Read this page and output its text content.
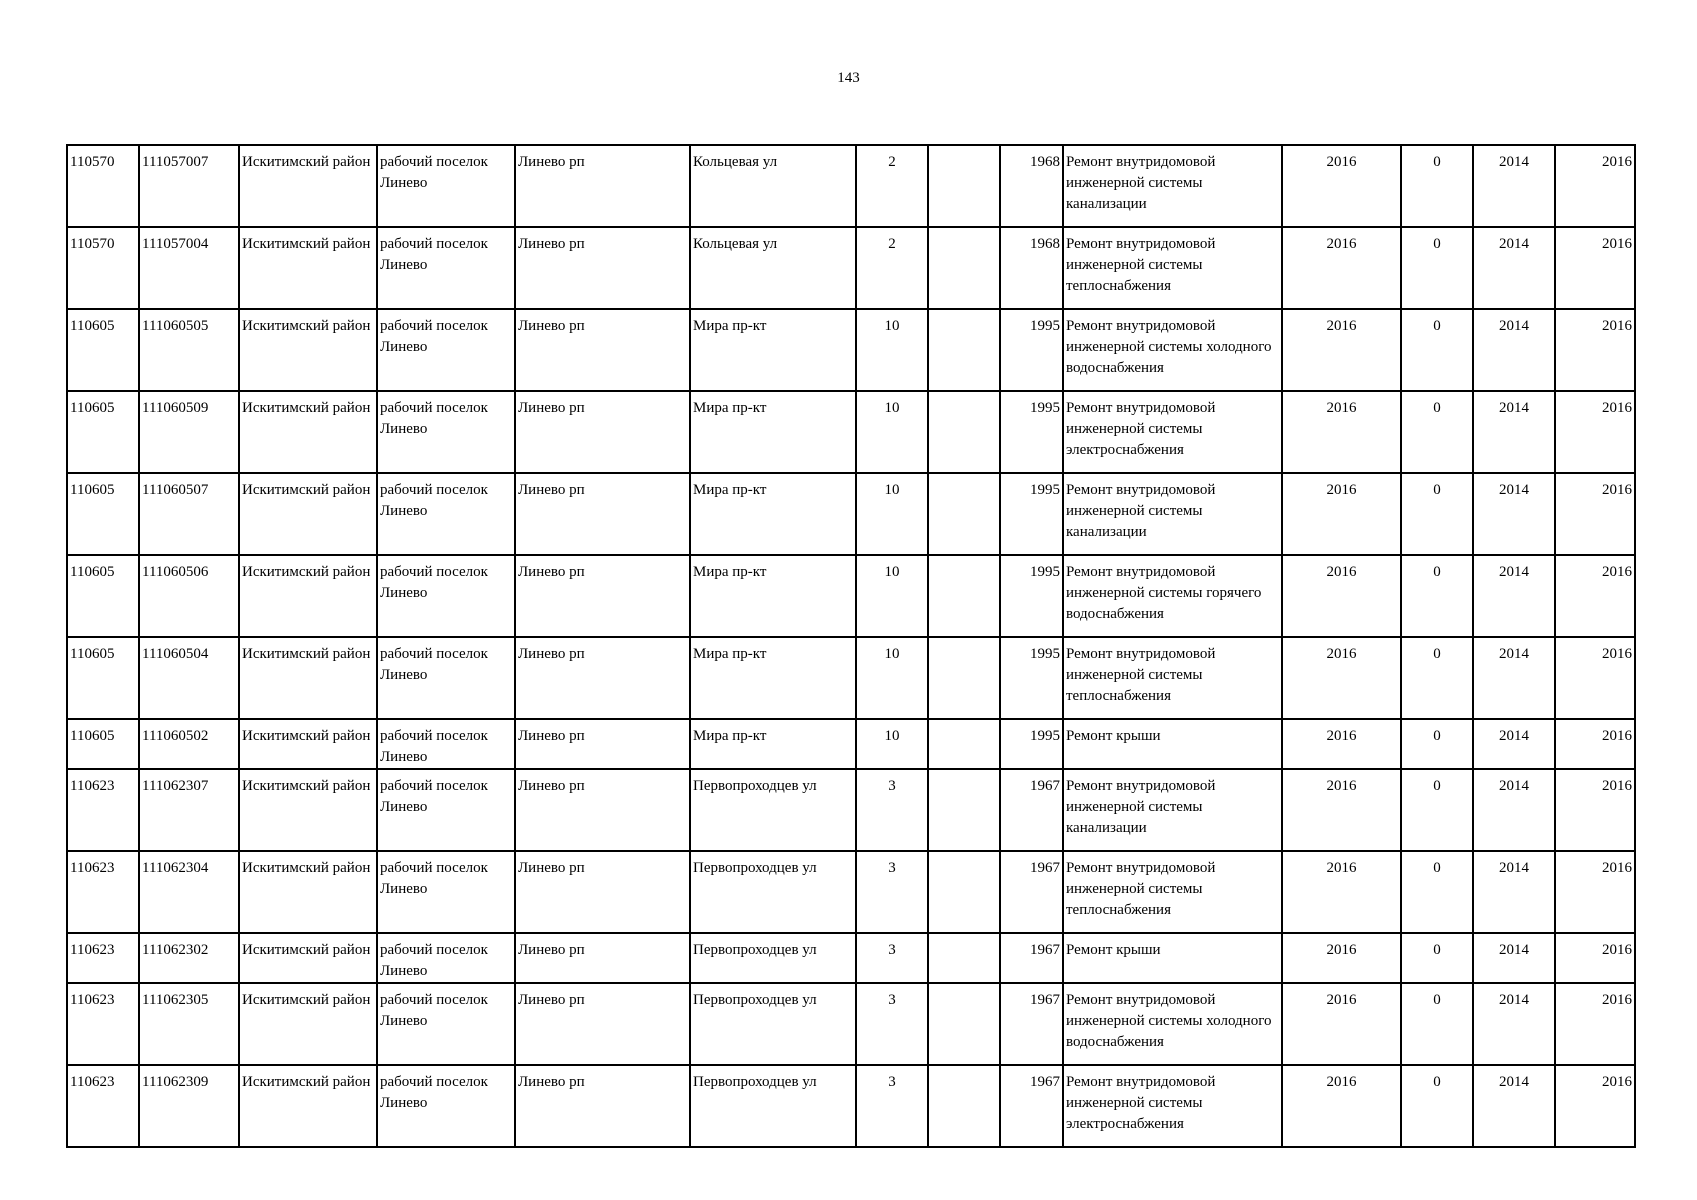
143
110570	111057007	Искитимский район	рабочий поселок Линево	Линево рп	Кольцевая ул	2		1968	Ремонт внутридомовой инженерной системы канализации	2016	0	2014	2016
110570	111057004	Искитимский район	рабочий поселок Линево	Линево рп	Кольцевая ул	2		1968	Ремонт внутридомовой инженерной системы теплоснабжения	2016	0	2014	2016
110605	111060505	Искитимский район	рабочий поселок Линево	Линево рп	Мира пр-кт	10		1995	Ремонт внутридомовой инженерной системы холодного водоснабжения	2016	0	2014	2016
110605	111060509	Искитимский район	рабочий поселок Линево	Линево рп	Мира пр-кт	10		1995	Ремонт внутридомовой инженерной системы электроснабжения	2016	0	2014	2016
110605	111060507	Искитимский район	рабочий поселок Линево	Линево рп	Мира пр-кт	10		1995	Ремонт внутридомовой инженерной системы канализации	2016	0	2014	2016
110605	111060506	Искитимский район	рабочий поселок Линево	Линево рп	Мира пр-кт	10		1995	Ремонт внутридомовой инженерной системы горячего водоснабжения	2016	0	2014	2016
110605	111060504	Искитимский район	рабочий поселок Линево	Линево рп	Мира пр-кт	10		1995	Ремонт внутридомовой инженерной системы теплоснабжения	2016	0	2014	2016
110605	111060502	Искитимский район	рабочий поселок Линево	Линево рп	Мира пр-кт	10		1995	Ремонт крыши	2016	0	2014	2016
110623	111062307	Искитимский район	рабочий поселок Линево	Линево рп	Первопроходцев ул	3		1967	Ремонт внутридомовой инженерной системы канализации	2016	0	2014	2016
110623	111062304	Искитимский район	рабочий поселок Линево	Линево рп	Первопроходцев ул	3		1967	Ремонт внутридомовой инженерной системы теплоснабжения	2016	0	2014	2016
110623	111062302	Искитимский район	рабочий поселок Линево	Линево рп	Первопроходцев ул	3		1967	Ремонт крыши	2016	0	2014	2016
110623	111062305	Искитимский район	рабочий поселок Линево	Линево рп	Первопроходцев ул	3		1967	Ремонт внутридомовой инженерной системы холодного водоснабжения	2016	0	2014	2016
110623	111062309	Искитимский район	рабочий поселок Линево	Линево рп	Первопроходцев ул	3		1967	Ремонт внутридомовой инженерной системы электроснабжения	2016	0	2014	2016
